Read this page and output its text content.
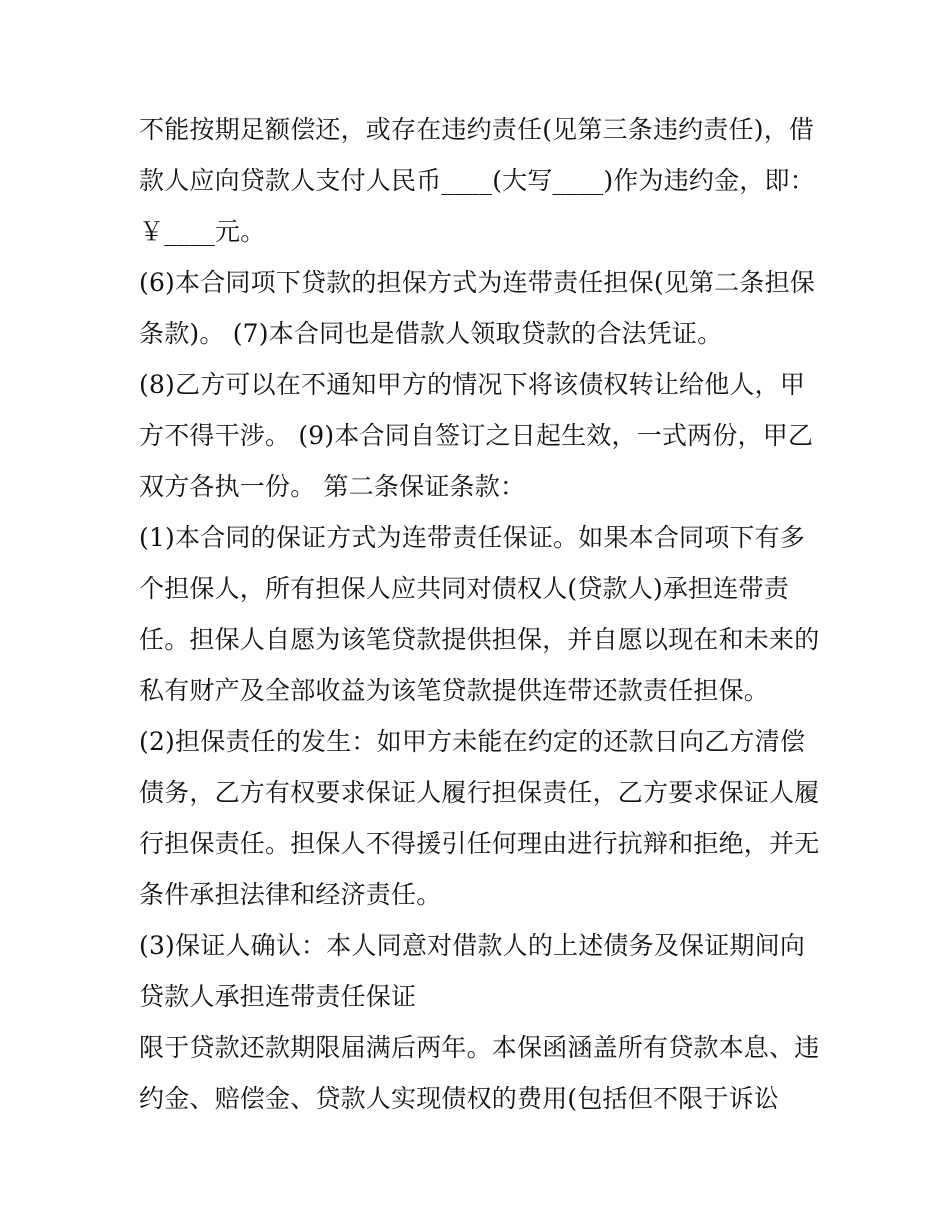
不能按期足额偿还，或存在违约责任(见第三条违约责任)，借
款人应向贷款人支付人民币____(大写____)作为违约金，即：
￥____元。
(6)本合同项下贷款的担保方式为连带责任担保(见第二条担保
条款)。 (7)本合同也是借款人领取贷款的合法凭证。
(8)乙方可以在不通知甲方的情况下将该债权转让给他人，甲
方不得干涉。 (9)本合同自签订之日起生效，一式两份，甲乙
双方各执一份。 第二条保证条款：
(1)本合同的保证方式为连带责任保证。如果本合同项下有多
个担保人，所有担保人应共同对债权人(贷款人)承担连带责
任。担保人自愿为该笔贷款提供担保，并自愿以现在和未来的
私有财产及全部收益为该笔贷款提供连带还款责任担保。
(2)担保责任的发生：如甲方未能在约定的还款日向乙方清偿
债务，乙方有权要求保证人履行担保责任，乙方要求保证人履
行担保责任。担保人不得援引任何理由进行抗辩和拒绝，并无
条件承担法律和经济责任。
(3)保证人确认：本人同意对借款人的上述债务及保证期间向
贷款人承担连带责任保证
限于贷款还款期限届满后两年。本保函涵盖所有贷款本息、违
约金、赔偿金、贷款人实现债权的费用(包括但不限于诉讼
